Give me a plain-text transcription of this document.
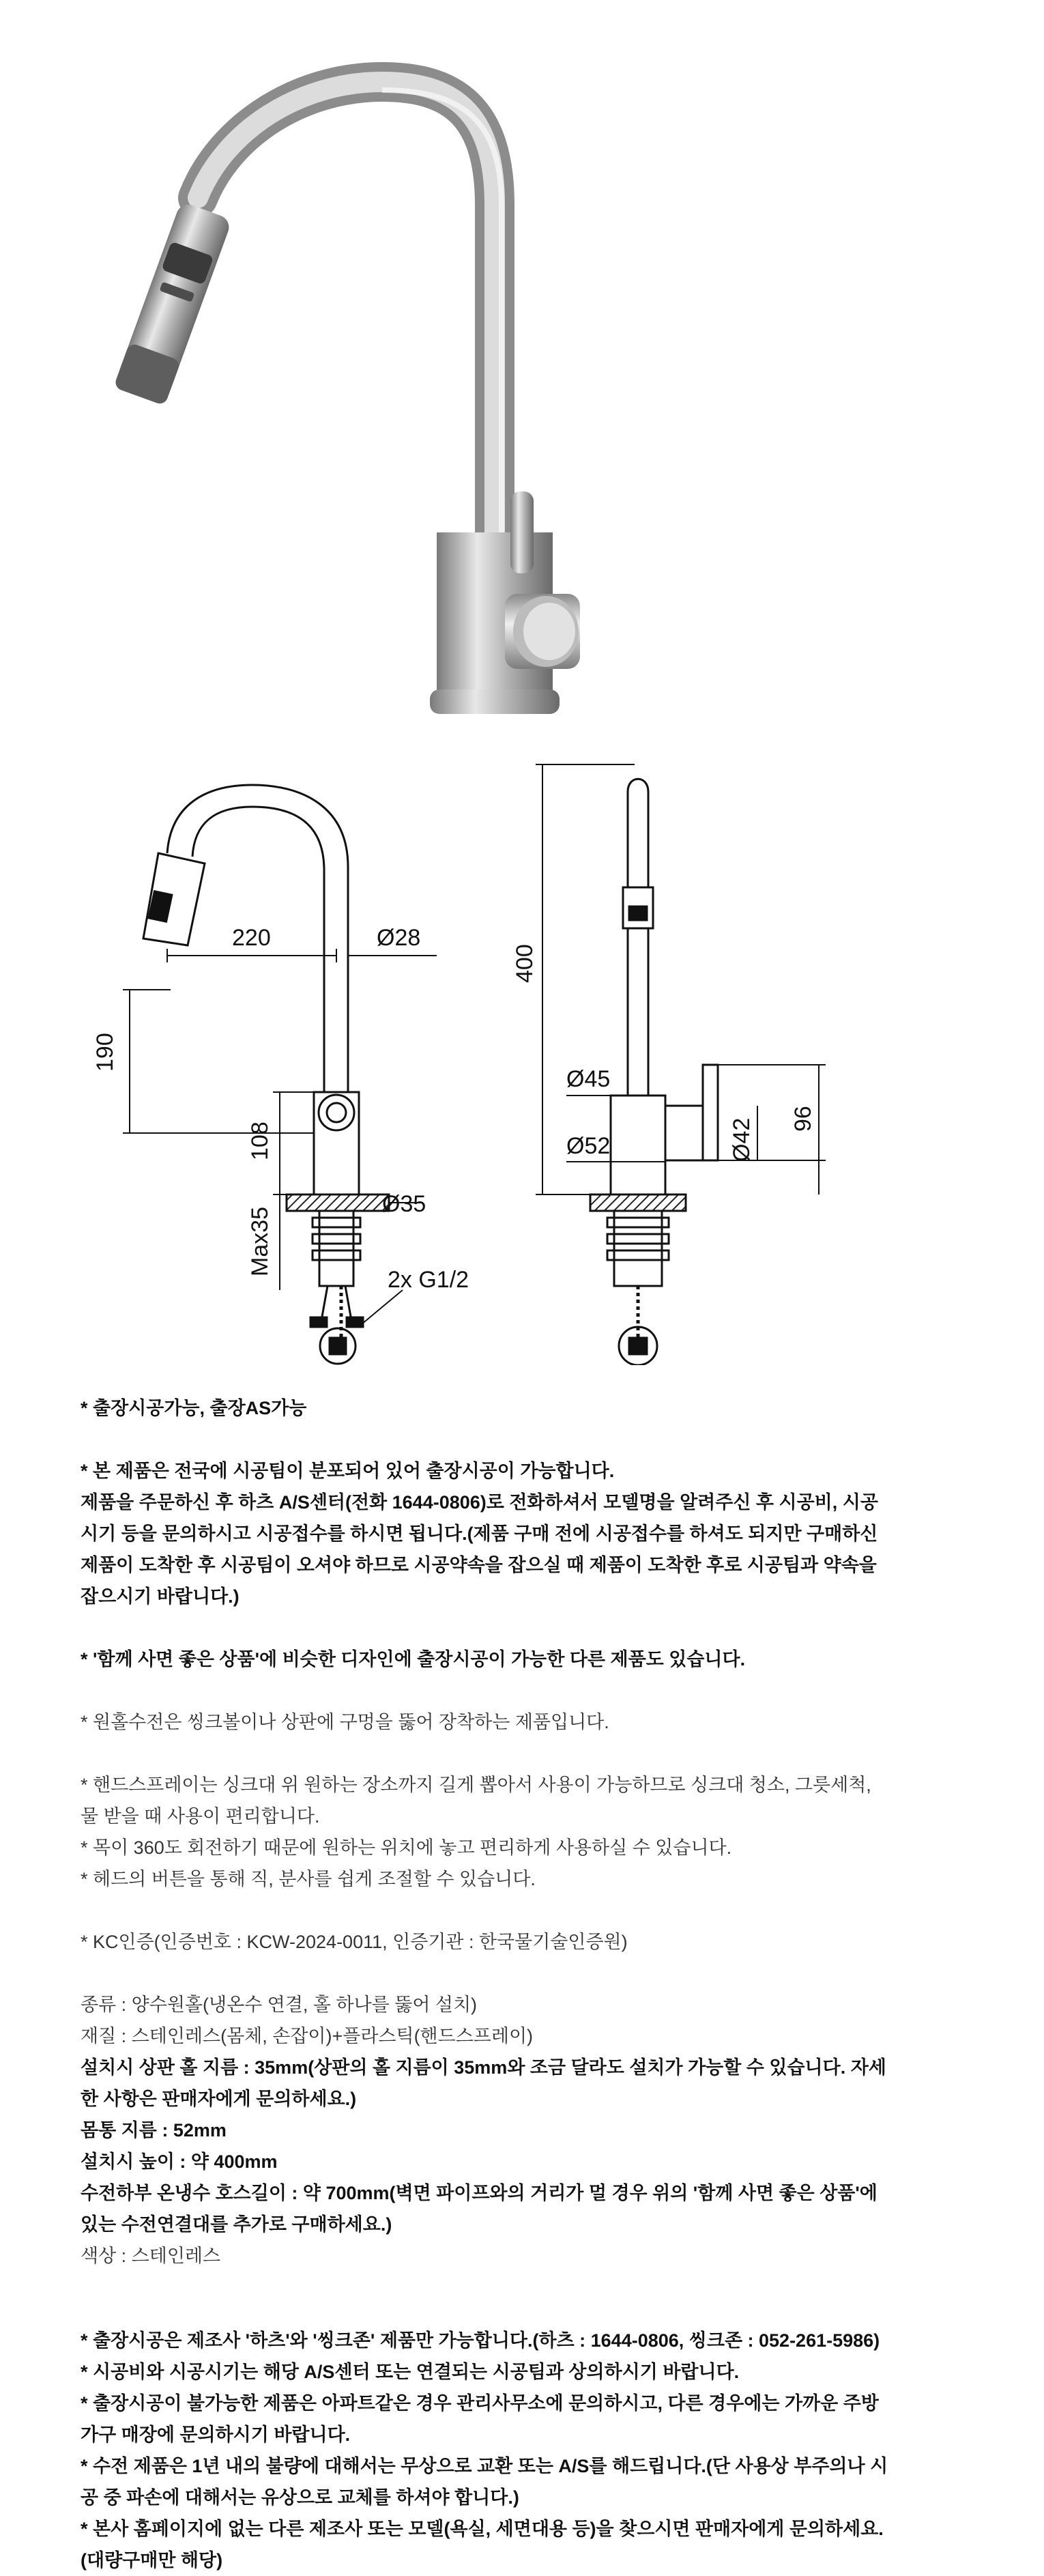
220	Ø28
190
108
Ø35
Max35
2x G1/2
400
Ø45
Ø52	Ø42 96

* 출장시공가능, 출장AS가능

* 본 제품은 전국에 시공팀이 분포되어 있어 출장시공이 가능합니다.

제품을 주문하신 후 하츠 A/S센터(전화 1644-0806)로 전화하셔서 모델명을 알려주신 후 시공비, 시공

시기 등을 문의하시고 시공접수를 하시면 됩니다.(제품 구매 전에 시공접수를 하셔도 되지만 구매하신

제품이 도착한 후 시공팀이 오셔야 하므로 시공약속을 잡으실 때 제품이 도착한 후로 시공팀과 약속을

잡으시기 바랍니다.)

* '함께 사면 좋은 상품'에 비슷한 디자인에 출장시공이 가능한 다른 제품도 있습니다.

* 원홀수전은 씽크볼이나 상판에 구멍을 뚫어 장착하는 제품입니다.

* 핸드스프레이는 싱크대 위 원하는 장소까지 길게 뽑아서 사용이 가능하므로 싱크대 청소, 그릇세척,

물 받을 때 사용이 편리합니다.

* 목이 360도 회전하기 때문에 원하는 위치에 놓고 편리하게 사용하실 수 있습니다.

* 헤드의 버튼을 통해 직, 분사를 쉽게 조절할 수 있습니다.

* KC인증(인증번호 : KCW-2024-0011, 인증기관 : 한국물기술인증원)

종류 : 양수원홀(냉온수 연결, 홀 하나를 뚫어 설치)

재질 : 스테인레스(몸체, 손잡이)+플라스틱(핸드스프레이)

설치시 상판 홀 지름 : 35mm(상판의 홀 지름이 35mm와 조금 달라도 설치가 가능할 수 있습니다. 자세

한 사항은 판매자에게 문의하세요.)

몸통 지름 : 52mm

설치시 높이 : 약 400mm

수전하부 온냉수 호스길이 : 약 700mm(벽면 파이프와의 거리가 멀 경우 위의 '함께 사면 좋은 상품'에

있는 수전연결대를 추가로 구매하세요.)

색상 : 스테인레스

* 출장시공은 제조사 '하츠'와 '씽크존' 제품만 가능합니다.(하츠 : 1644-0806, 씽크존 : 052-261-5986)

* 시공비와 시공시기는 해당 A/S센터 또는 연결되는 시공팀과 상의하시기 바랍니다.

* 출장시공이 불가능한 제품은 아파트같은 경우 관리사무소에 문의하시고, 다른 경우에는 가까운 주방

가구 매장에 문의하시기 바랍니다.

* 수전 제품은 1년 내의 불량에 대해서는 무상으로 교환 또는 A/S를 해드립니다.(단 사용상 부주의나 시

공 중 파손에 대해서는 유상으로 교체를 하셔야 합니다.)

* 본사 홈페이지에 없는 다른 제조사 또는 모델(욕실, 세면대용 등)을 찾으시면 판매자에게 문의하세요.

(대량구매만 해당)
